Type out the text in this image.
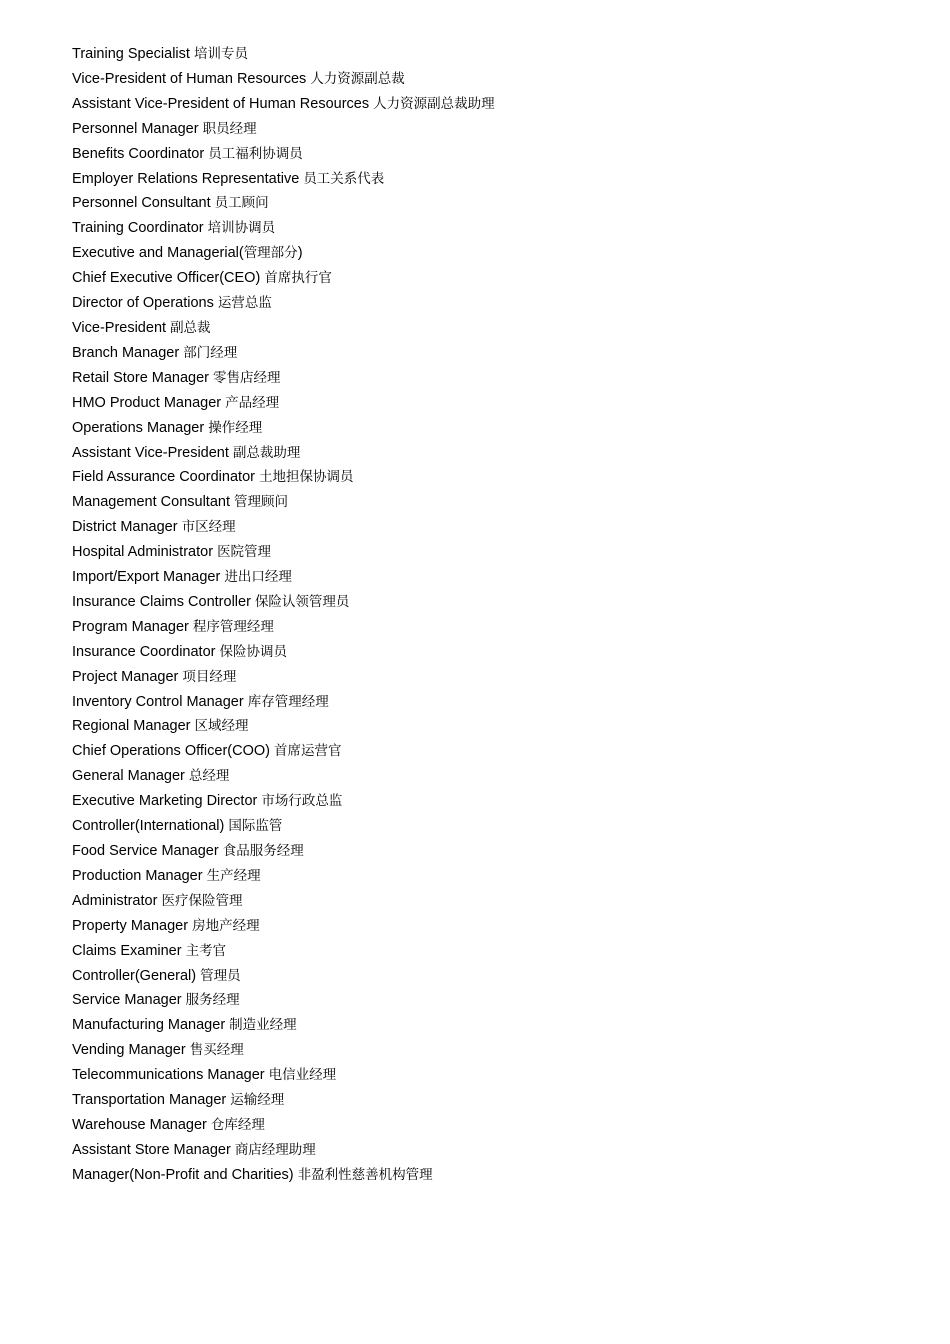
Training Specialist 培训专员
Vice-President of Human Resources 人力资源副总裁
Assistant Vice-President of Human Resources 人力资源副总裁助理
Personnel Manager 职员经理
Benefits Coordinator 员工福利协调员
Employer Relations Representative 员工关系代表
Personnel Consultant 员工顾问
Training Coordinator 培训协调员
Executive and Managerial(管理部分)
Chief Executive Officer(CEO) 首席执行官
Director of Operations 运营总监
Vice-President 副总裁
Branch Manager 部门经理
Retail Store Manager 零售店经理
HMO Product Manager 产品经理
Operations Manager 操作经理
Assistant Vice-President 副总裁助理
Field Assurance Coordinator 土地担保协调员
Management Consultant 管理顾问
District Manager 市区经理
Hospital Administrator 医院管理
Import/Export Manager 进出口经理
Insurance Claims Controller 保险认领管理员
Program Manager 程序管理经理
Insurance Coordinator 保险协调员
Project Manager 项目经理
Inventory Control Manager 库存管理经理
Regional Manager 区域经理
Chief Operations Officer(COO) 首席运营官
General Manager 总经理
Executive Marketing Director 市场行政总监
Controller(International) 国际监管
Food Service Manager 食品服务经理
Production Manager 生产经理
Administrator 医疗保险管理
Property Manager 房地产经理
Claims Examiner 主考官
Controller(General) 管理员
Service Manager 服务经理
Manufacturing Manager 制造业经理
Vending Manager 售买经理
Telecommunications Manager 电信业经理
Transportation Manager 运输经理
Warehouse Manager 仓库经理
Assistant Store Manager 商店经理助理
Manager(Non-Profit and Charities) 非盈利性慈善机构管理
